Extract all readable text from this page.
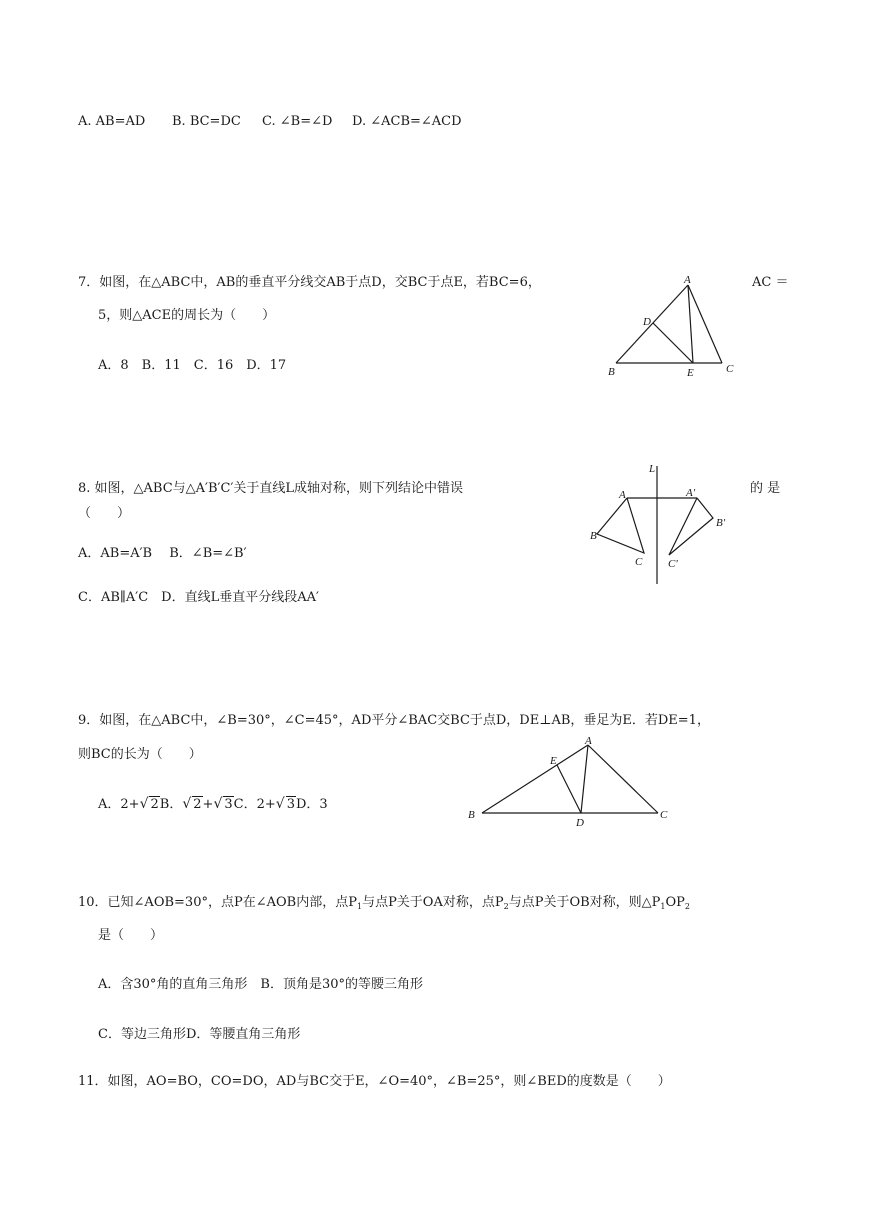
A. AB=AD B. BC=DC C. ∠B=∠D D. ∠ACB=∠ACD
7．如图，在△ABC中，AB的垂直平分线交AB于点D，交BC于点E，若BC=6，	AC ＝
5，则△ACE的周长为（　　）
A．8　B．11　C．16　D．17
A
B	C
D
E
8. 如图，△ABC与△A′B′C′关于直线L成轴对称，则下列结论中错误	的 是
（　　）
A．AB=A′B　 B．∠B=∠B′
C．AB∥A′C　D．直线L垂直平分线段AA′
L
A
B
C
A′
B′
C′
9．如图，在△ABC中，∠B=30°，∠C=45°，AD平分∠BAC交BC于点D，DE⊥AB，垂足为E．若DE=1，
则BC的长为（　　）
A．2+√ 2B．√ 2+√ 3C．2+√ 3D．3
A
B	C
D
E
10．已知∠AOB=30°，点P在∠AOB内部，点$P_1$与点P关于OA对称，点$P_2$与点P关于OB对称，则$\triangle P_1OP_2$
是（　　）
A．含30°角的直角三角形　B．顶角是30°的等腰三角形
C．等边三角形D．等腰直角三角形
11．如图，AO=BO，CO=DO，AD与BC交于E，∠O=40°，∠B=25°，则∠BED的度数是（　　）
